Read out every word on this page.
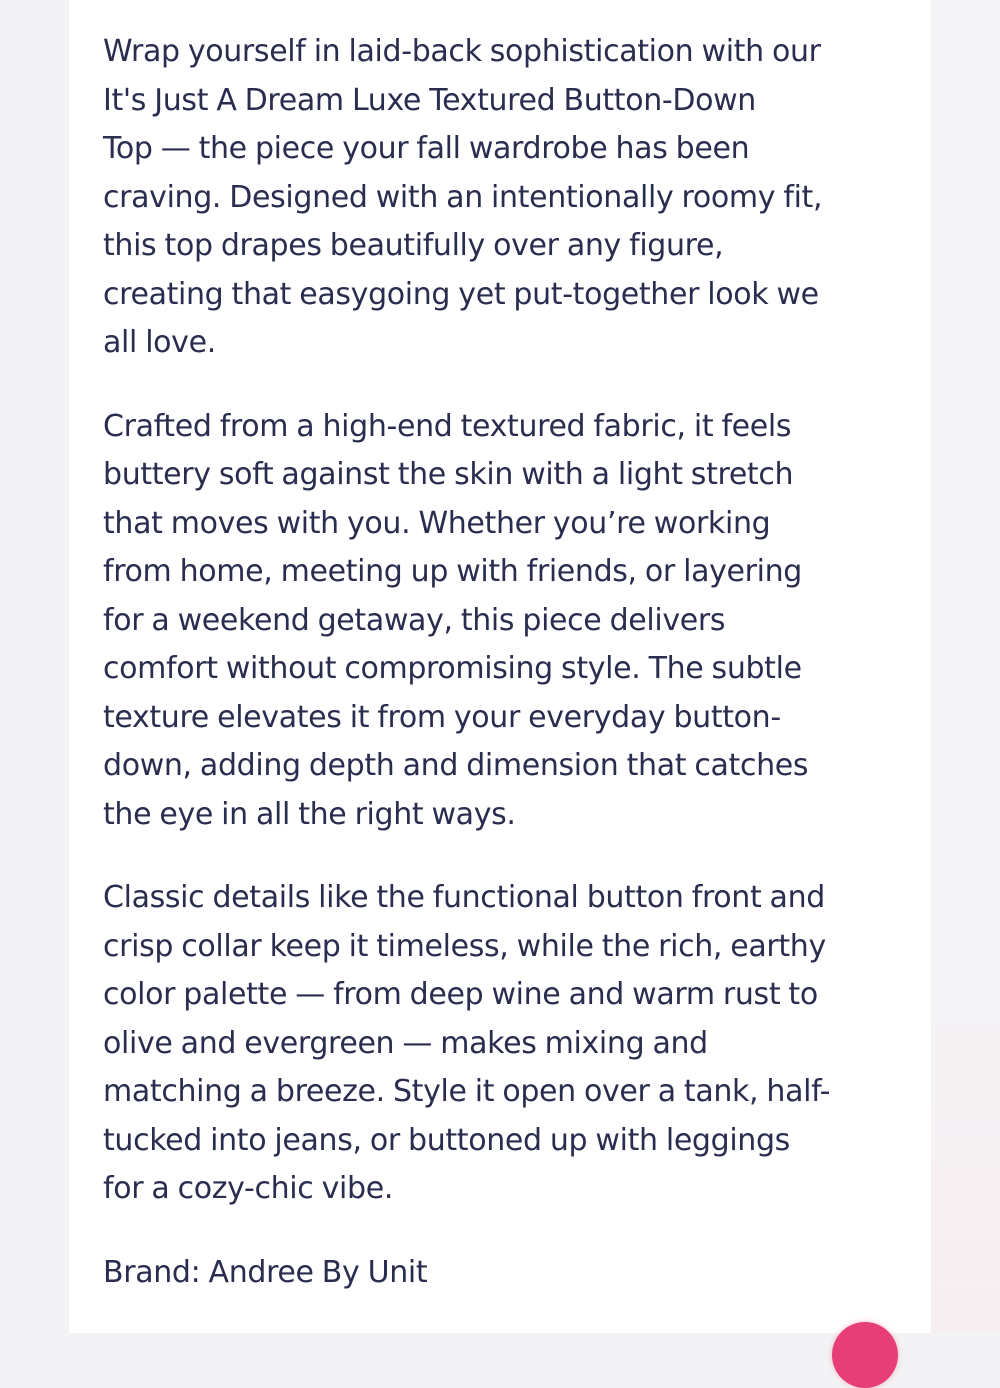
Wrap yourself in laid-back sophistication with our
It's Just A Dream Luxe Textured Button-Down
Top — the piece your fall wardrobe has been
craving. Designed with an intentionally roomy fit,
this top drapes beautifully over any figure,
creating that easygoing yet put-together look we
all love.

Crafted from a high-end textured fabric, it feels
buttery soft against the skin with a light stretch
that moves with you. Whether you’re working
from home, meeting up with friends, or layering
for a weekend getaway, this piece delivers
comfort without compromising style. The subtle
texture elevates it from your everyday button-
down, adding depth and dimension that catches
the eye in all the right ways.

Classic details like the functional button front and
crisp collar keep it timeless, while the rich, earthy
color palette — from deep wine and warm rust to
olive and evergreen — makes mixing and
matching a breeze. Style it open over a tank, half-
tucked into jeans, or buttoned up with leggings
for a cozy-chic vibe.

Brand: Andree By Unit
